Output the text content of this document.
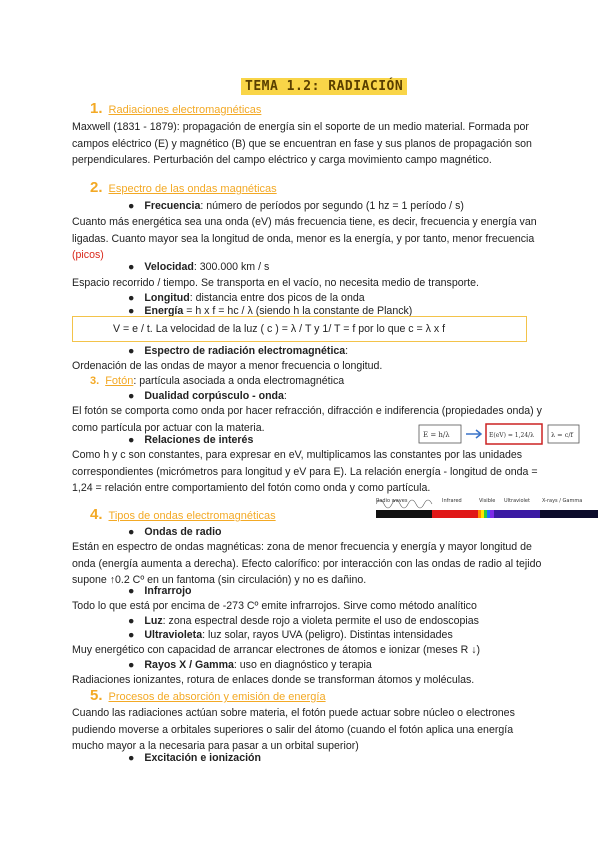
TEMA 1.2: RADIACIÓN
1. Radiaciones electromagnéticas

Maxwell (1831 - 1879): propagación de energía sin el soporte de un medio material. Formada por campos eléctrico (E) y magnético (B) que se encuentran en fase y sus planos de propagación son perpendiculares. Perturbación del campo eléctrico y carga movimiento campo magnético.

2. Espectro de las ondas magnéticas
● Frecuencia: número de períodos por segundo (1 hz = 1 período / s)

Cuanto más energética sea una onda (eV) más frecuencia tiene, es decir, frecuencia y energía van ligadas. Cuanto mayor sea la longitud de onda, menor es la energía, y por tanto, menor frecuencia (picos)

● Velocidad: 300.000 km / s

Espacio recorrido / tiempo. Se transporta en el vacío, no necesita medio de transporte.

● Longitud: distancia entre dos picos de la onda
● Energía = h x f = hc / λ (siendo h la constante de Planck)
V = e / t. La velocidad de la luz ( c ) = λ / T y 1/ T = f por lo que c = λ x f
● Espectro de radiación electromagnética:

Ordenación de las ondas de mayor a menor frecuencia o longitud.

3. Fotón: partícula asociada a onda electromagnética
● Dualidad corpúsculo - onda:

El fotón se comporta como onda por hacer refracción, difracción e indiferencia (propiedades onda) y como partícula por actuar con la materia.

● Relaciones de interés	E = h/λ	E(eV) = 1,24/λ	λ = c/f

Como h y c son constantes, para expresar en eV, multiplicamos las constantes por las unidades correspondientes (micrómetros para longitud y eV para E). La relación energía - longitud de onda = 1,24 = relación entre comportamiento del fotón como onda y como partícula.

Radio waves	Infrared	Visible Ultraviolet X-rays / Gamma
4. Tipos de ondas electromagnéticas
● Ondas de radio

Están en espectro de ondas magnéticas: zona de menor frecuencia y energía y mayor longitud de onda (energía aumenta a derecha). Efecto calorífico: por interacción con las ondas de radio al tejido supone ↑0.2 Cº en un fantoma (sin circulación) y no es dañino.

● Infrarrojo

Todo lo que está por encima de -273 Cº emite infrarrojos. Sirve como método analítico

● Luz: zona espectral desde rojo a violeta permite el uso de endoscopias
● Ultravioleta: luz solar, rayos UVA (peligro). Distintas intensidades

Muy energético con capacidad de arrancar electrones de átomos e ionizar (meses R ↓)

● Rayos X / Gamma: uso en diagnóstico y terapia

Radiaciones ionizantes, rotura de enlaces donde se transforman átomos y moléculas.

5. Procesos de absorción y emisión de energía

Cuando las radiaciones actúan sobre materia, el fotón puede actuar sobre núcleo o electrones pudiendo moverse a orbitales superiores o salir del átomo (cuando el fotón aplica una energía mucho mayor a la necesaria para pasar a un orbital superior)

● Excitación e ionización
